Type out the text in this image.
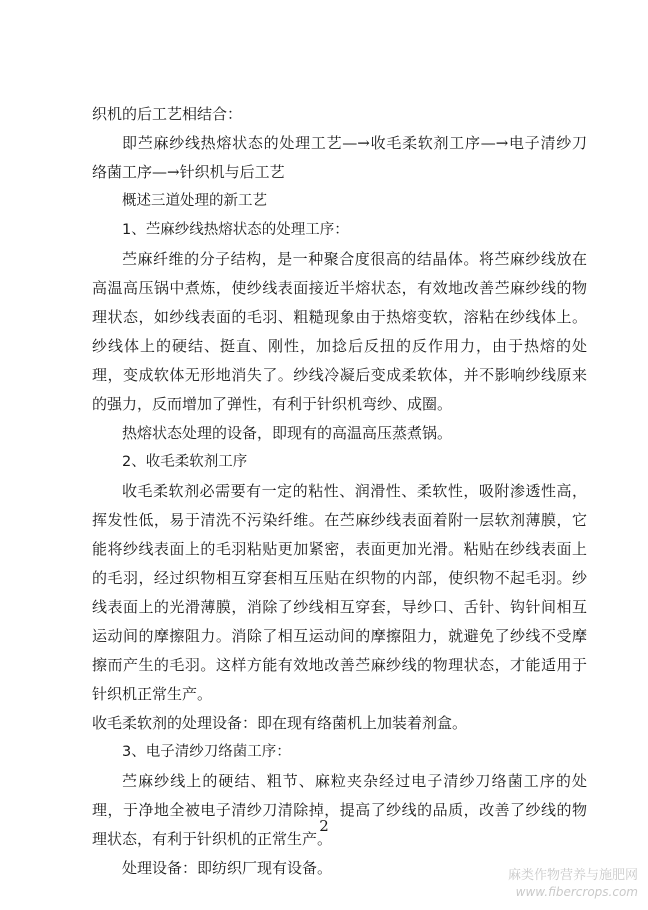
织机的后工艺相结合：
即苎麻纱线热熔状态的处理工艺—→收毛柔软剂工序—→电子清纱刀
络菌工序—→针织机与后工艺
概述三道处理的新工艺
1、苎麻纱线热熔状态的处理工序：
苎麻纤维的分子结构，是一种聚合度很高的结晶体。将苎麻纱线放在
高温高压锅中煮炼，使纱线表面接近半熔状态，有效地改善苎麻纱线的物
理状态，如纱线表面的毛羽、粗糙现象由于热熔变软，溶粘在纱线体上。
纱线体上的硬结、挺直、刚性，加捻后反扭的反作用力，由于热熔的处
理，变成软体无形地消失了。纱线冷凝后变成柔软体，并不影响纱线原来
的强力，反而增加了弹性，有利于针织机弯纱、成圈。
热熔状态处理的设备，即现有的高温高压蒸煮锅。
2、收毛柔软剂工序
收毛柔软剂必需要有一定的粘性、润滑性、柔软性，吸附渗透性高，
挥发性低，易于清洗不污染纤维。在苎麻纱线表面着附一层软剂薄膜，它
能将纱线表面上的毛羽粘贴更加紧密，表面更加光滑。粘贴在纱线表面上
的毛羽，经过织物相互穿套相互压贴在织物的内部，使织物不起毛羽。纱
线表面上的光滑薄膜，消除了纱线相互穿套，导纱口、舌针、钩针间相互
运动间的摩擦阻力。消除了相互运动间的摩擦阻力，就避免了纱线不受摩
擦而产生的毛羽。这样方能有效地改善苎麻纱线的物理状态，才能适用于
针织机正常生产。
收毛柔软剂的处理设备：即在现有络菌机上加装着剂盒。
3、电子清纱刀络菌工序：
苎麻纱线上的硬结、粗节、麻粒夹杂经过电子清纱刀络菌工序的处
理，于净地全被电子清纱刀清除掉，提高了纱线的品质，改善了纱线的物
理状态，有利于针织机的正常生产。
处理设备：即纺织厂现有设备。
2
麻类作物营养与施肥网
www.fibercrops.com
